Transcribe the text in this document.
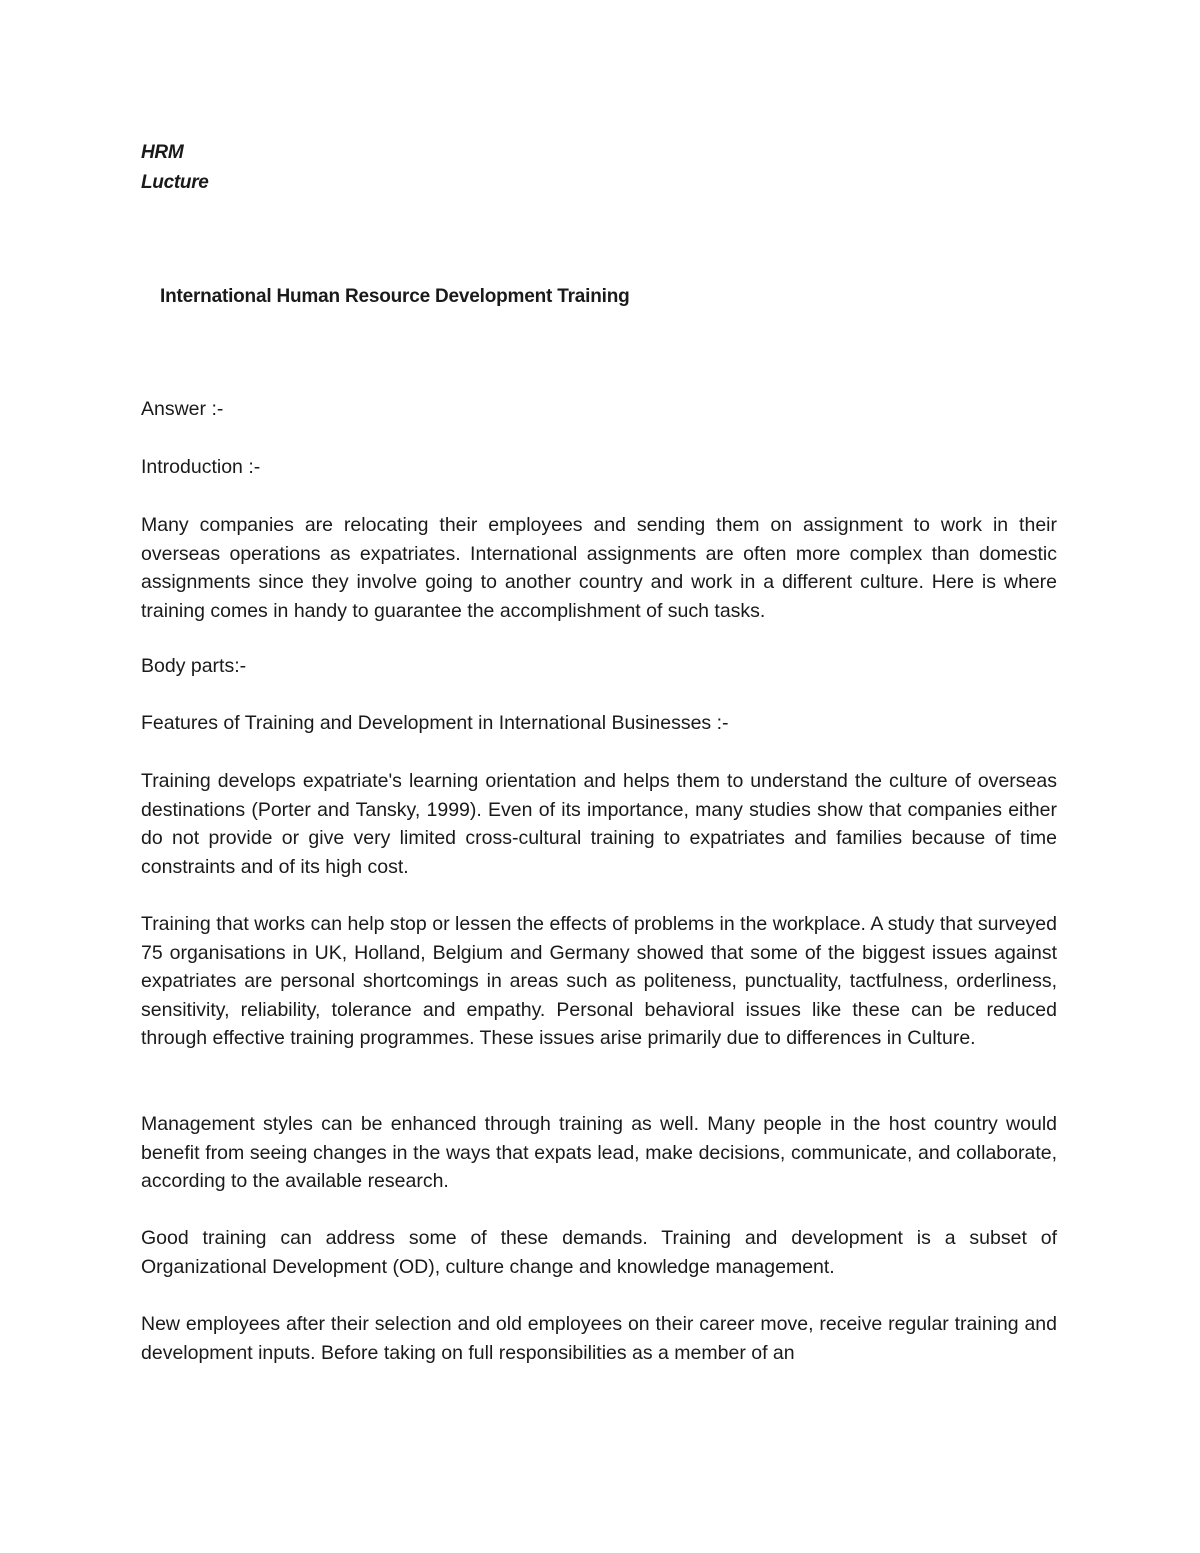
HRM

Lucture

International Human Resource Development Training

Answer :-

Introduction :-

Many companies are relocating their employees and sending them on assignment to work in their overseas operations as expatriates. International assignments are often more complex than domestic assignments since they involve going to another country and work in a different culture. Here is where training comes in handy to guarantee the accomplishment of such tasks.

Body parts:-

Features of Training and Development in International Businesses :-

Training develops expatriate's learning orientation and helps them to understand the culture of overseas destinations (Porter and Tansky, 1999). Even of its importance, many studies show that companies either do not provide or give very limited cross-cultural training to expatriates and families because of time constraints and of its high cost.

Training that works can help stop or lessen the effects of problems in the workplace. A study that surveyed 75 organisations in UK, Holland, Belgium and Germany showed that some of the biggest issues against expatriates are personal shortcomings in areas such as politeness, punctuality, tactfulness, orderliness, sensitivity, reliability, tolerance and empathy. Personal behavioral issues like these can be reduced through effective training programmes. These issues arise primarily due to differences in Culture.

Management styles can be enhanced through training as well. Many people in the host country would benefit from seeing changes in the ways that expats lead, make decisions, communicate, and collaborate, according to the available research.

Good training can address some of these demands. Training and development is a subset of Organizational Development (OD), culture change and knowledge management.

New employees after their selection and old employees on their career move, receive regular training and development inputs. Before taking on full responsibilities as a member of an
